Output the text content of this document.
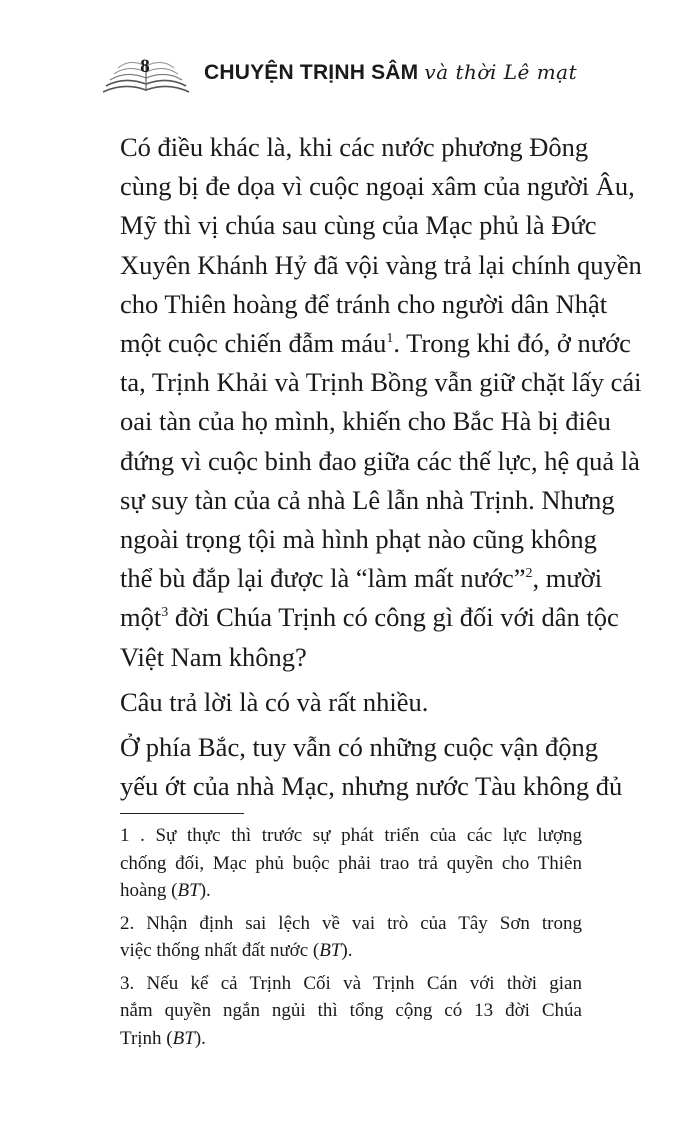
8	CHUYỆN TRỊNH SÂM và thời Lê mạt

Có điều khác là, khi các nước phương Đông
cùng bị đe dọa vì cuộc ngoại xâm của người Âu,
Mỹ thì vị chúa sau cùng của Mạc phủ là Đức
Xuyên Khánh Hỷ đã vội vàng trả lại chính quyền
cho Thiên hoàng để tránh cho người dân Nhật
một cuộc chiến đẫm máu$^1$. Trong khi đó, ở nước
ta, Trịnh Khải và Trịnh Bồng vẫn giữ chặt lấy cái
oai tàn của họ mình, khiến cho Bắc Hà bị điêu
đứng vì cuộc binh đao giữa các thế lực, hệ quả là
sự suy tàn của cả nhà Lê lẫn nhà Trịnh. Nhưng
ngoài trọng tội mà hình phạt nào cũng không
thể bù đắp lại được là “làm mất nước”$^2$, mười
một$^3$ đời Chúa Trịnh có công gì đối với dân tộc
Việt Nam không?

Câu trả lời là có và rất nhiều.

Ở phía Bắc, tuy vẫn có những cuộc vận động
yếu ớt của nhà Mạc, nhưng nước Tàu không đủ

1 . Sự thực thì trước sự phát triển của các lực lượng
chống đối, Mạc phủ buộc phải trao trả quyền cho Thiên
hoàng (BT).
2. Nhận định sai lệch về vai trò của Tây Sơn trong
việc thống nhất đất nước (BT).
3. Nếu kể cả Trịnh Cối và Trịnh Cán với thời gian
nắm quyền ngắn ngủi thì tổng cộng có 13 đời Chúa
Trịnh (BT).
